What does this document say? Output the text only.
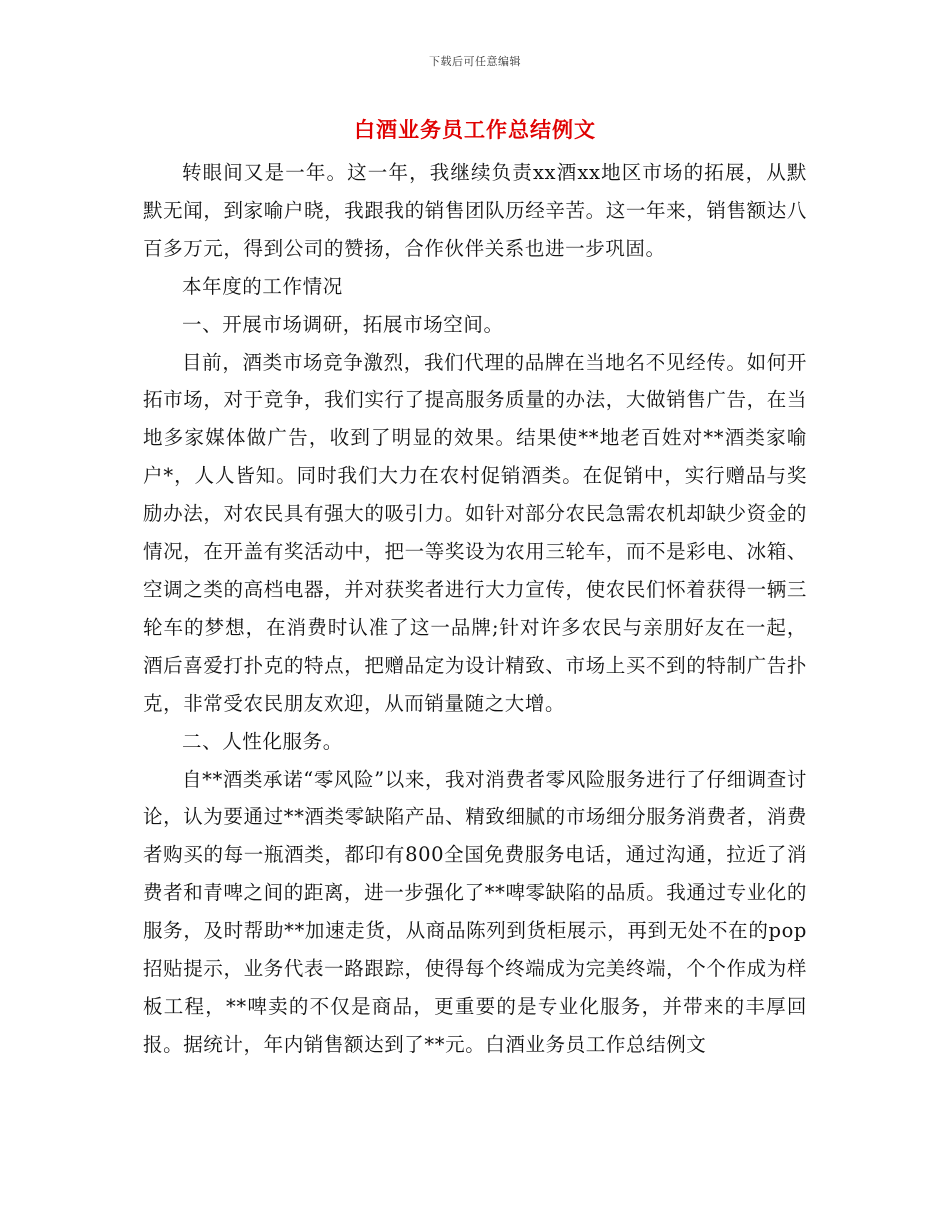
下载后可任意编辑
白酒业务员工作总结例文

转眼间又是一年。这一年，我继续负责xx酒xx地区市场的拓展，从默默无闻，到家喻户晓，我跟我的销售团队历经辛苦。这一年来，销售额达八百多万元，得到公司的赞扬，合作伙伴关系也进一步巩固。

本年度的工作情况

一、开展市场调研，拓展市场空间。

目前，酒类市场竞争激烈，我们代理的品牌在当地名不见经传。如何开拓市场，对于竞争，我们实行了提高服务质量的办法，大做销售广告，在当地多家媒体做广告，收到了明显的效果。结果使**地老百姓对**酒类家喻户*，人人皆知。同时我们大力在农村促销酒类。在促销中，实行赠品与奖励办法，对农民具有强大的吸引力。如针对部分农民急需农机却缺少资金的情况，在开盖有奖活动中，把一等奖设为农用三轮车，而不是彩电、冰箱、空调之类的高档电器，并对获奖者进行大力宣传，使农民们怀着获得一辆三轮车的梦想，在消费时认准了这一品牌;针对许多农民与亲朋好友在一起，酒后喜爱打扑克的特点，把赠品定为设计精致、市场上买不到的特制广告扑克，非常受农民朋友欢迎，从而销量随之大增。

二、人性化服务。

自**酒类承诺“零风险”以来，我对消费者零风险服务进行了仔细调查讨论，认为要通过**酒类零缺陷产品、精致细腻的市场细分服务消费者，消费者购买的每一瓶酒类，都印有800全国免费服务电话，通过沟通，拉近了消费者和青啤之间的距离，进一步强化了**啤零缺陷的品质。我通过专业化的服务，及时帮助**加速走货，从商品陈列到货柜展示，再到无处不在的pop招贴提示，业务代表一路跟踪，使得每个终端成为完美终端，个个作成为样板工程，**啤卖的不仅是商品，更重要的是专业化服务，并带来的丰厚回报。据统计，年内销售额达到了**元。白酒业务员工作总结例文
